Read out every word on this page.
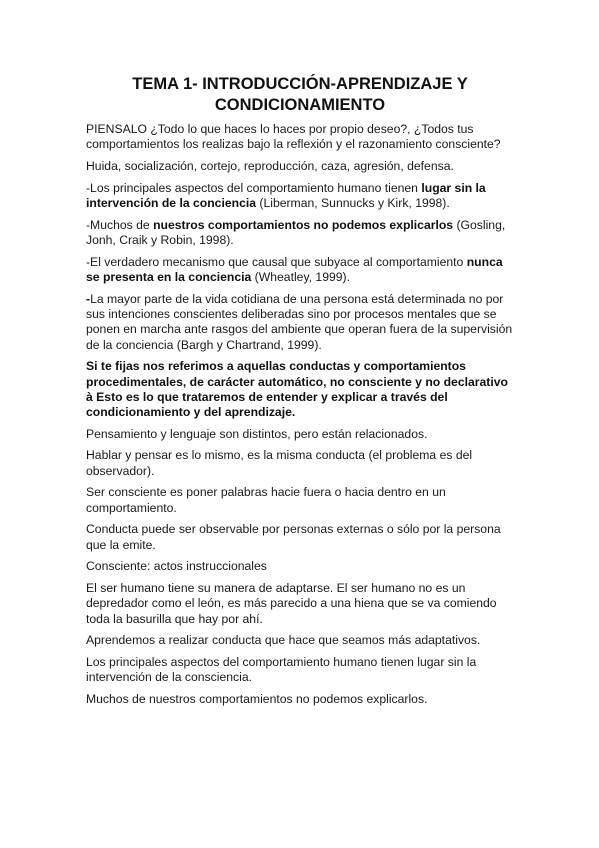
TEMA 1- INTRODUCCIÓN-APRENDIZAJE Y
CONDICIONAMIENTO

PIENSALO ¿Todo lo que haces lo haces por propio deseo?, ¿Todos tus comportamientos los realizas bajo la reflexión y el razonamiento consciente?

Huida, socialización, cortejo, reproducción, caza, agresión, defensa.

-Los principales aspectos del comportamiento humano tienen lugar sin la intervención de la conciencia (Liberman, Sunnucks y Kirk, 1998).

-Muchos de nuestros comportamientos no podemos explicarlos (Gosling, Jonh, Craik y Robin, 1998).

-El verdadero mecanismo que causal que subyace al comportamiento nunca se presenta en la conciencia (Wheatley, 1999).

-La mayor parte de la vida cotidiana de una persona está determinada no por sus intenciones conscientes deliberadas sino por procesos mentales que se ponen en marcha ante rasgos del ambiente que operan fuera de la supervisión de la conciencia (Bargh y Chartrand, 1999).

Si te fijas nos referimos a aquellas conductas y comportamientos procedimentales, de carácter automático, no consciente y no declarativo à Esto es lo que trataremos de entender y explicar a través del condicionamiento y del aprendizaje.

Pensamiento y lenguaje son distintos, pero están relacionados.

Hablar y pensar es lo mismo, es la misma conducta (el problema es del observador).

Ser consciente es poner palabras hacie fuera o hacia dentro en un comportamiento.

Conducta puede ser observable por personas externas o sólo por la persona que la emite.

Consciente: actos instruccionales

El ser humano tiene su manera de adaptarse. El ser humano no es un depredador como el león, es más parecido a una hiena que se va comiendo toda la basurilla que hay por ahí.

Aprendemos a realizar conducta que hace que seamos más adaptativos.

Los principales aspectos del comportamiento humano tienen lugar sin la intervención de la consciencia.

Muchos de nuestros comportamientos no podemos explicarlos.
